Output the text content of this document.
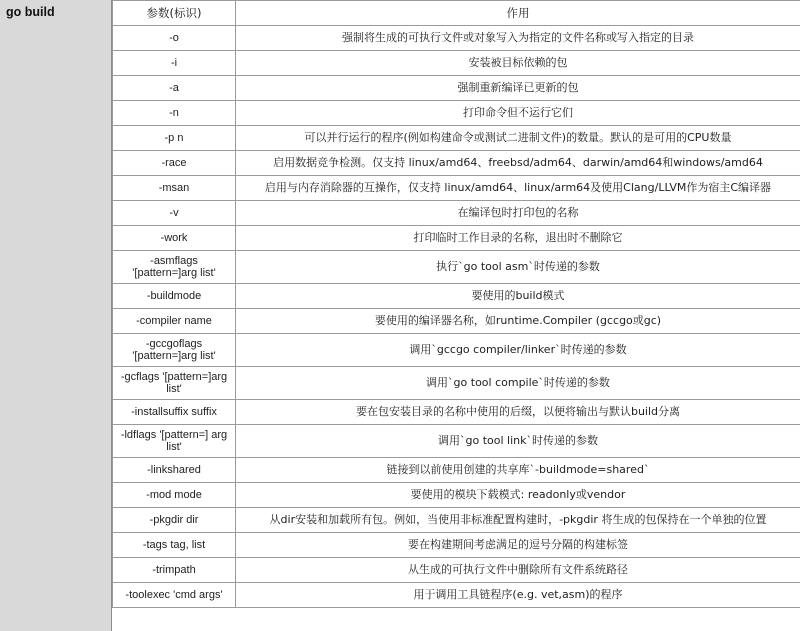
go build	参数(标识)	作用
-o	强制将生成的可执行文件或对象写入为指定的文件名称或写入指定的目录
-i	安装被目标依赖的包
-a	强制重新编译已更新的包
-n	打印命令但不运行它们
-p n	可以并行运行的程序(例如构建命令或测试二进制文件)的数量。默认的是可用的CPU数量
-race	启用数据竞争检测。仅支持 linux/amd64、freebsd/adm64、darwin/amd64和windows/amd64
-msan	启用与内存消除器的互操作，仅支持 linux/amd64、linux/arm64及使用Clang/LLVM作为宿主C编译器
-v	在编译包时打印包的名称
-work	打印临时工作目录的名称，退出时不删除它
-asmflags '[pattern=]arg list'	执行`go tool asm`时传递的参数
-buildmode	要使用的build模式
-compiler name	要使用的编译器名称，如runtime.Compiler (gccgo或gc)
-gccgoflags '[pattern=]arg list'	调用`gccgo compiler/linker`时传递的参数
-gcflags '[pattern=]arg list'	调用`go tool compile`时传递的参数
-installsuffix suffix	要在包安装目录的名称中使用的后缀，以便将输出与默认build分离
-ldflags '[pattern=] arg list'	调用`go tool link`时传递的参数
-linkshared	链接到以前使用创建的共享库`-buildmode=shared`
-mod mode	要使用的模块下载模式: readonly或vendor
-pkgdir dir	从dir安装和加载所有包。例如，当使用非标准配置构建时，-pkgdir 将生成的包保持在一个单独的位置
-tags tag, list	要在构建期间考虑满足的逗号分隔的构建标签
-trimpath	从生成的可执行文件中删除所有文件系统路径
-toolexec 'cmd args'	用于调用工具链程序(e.g. vet,asm)的程序
